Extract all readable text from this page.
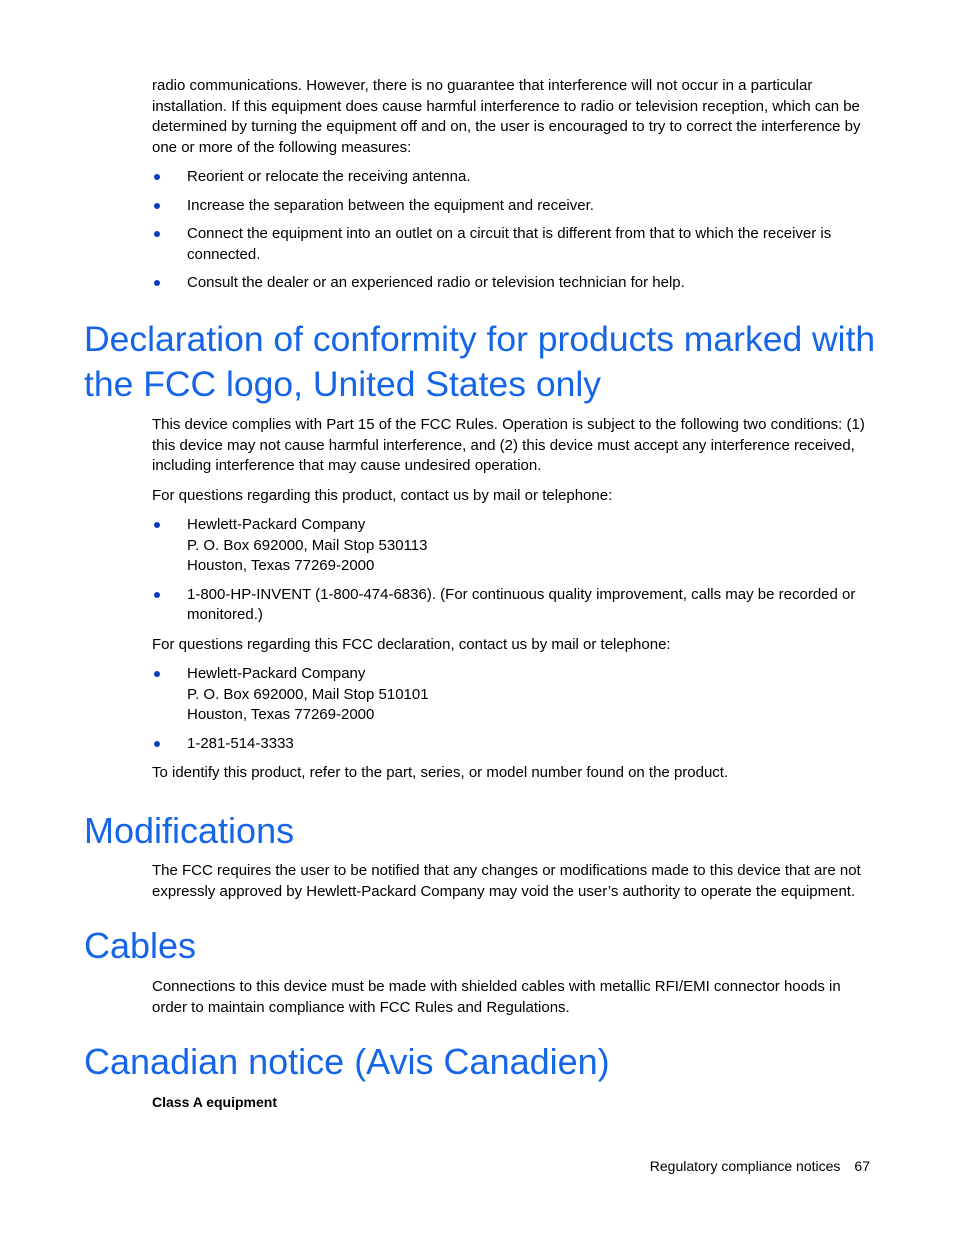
radio communications. However, there is no guarantee that interference will not occur in a particular installation. If this equipment does cause harmful interference to radio or television reception, which can be determined by turning the equipment off and on, the user is encouraged to try to correct the interference by one or more of the following measures:

Reorient or relocate the receiving antenna.
Increase the separation between the equipment and receiver.
Connect the equipment into an outlet on a circuit that is different from that to which the receiver is connected.
Consult the dealer or an experienced radio or television technician for help.
Declaration of conformity for products marked with the FCC logo, United States only

This device complies with Part 15 of the FCC Rules. Operation is subject to the following two conditions: (1) this device may not cause harmful interference, and (2) this device must accept any interference received, including interference that may cause undesired operation.

For questions regarding this product, contact us by mail or telephone:

Hewlett-Packard Company
P. O. Box 692000, Mail Stop 530113
Houston, Texas 77269-2000
1-800-HP-INVENT (1-800-474-6836). (For continuous quality improvement, calls may be recorded or monitored.)

For questions regarding this FCC declaration, contact us by mail or telephone:

Hewlett-Packard Company
P. O. Box 692000, Mail Stop 510101
Houston, Texas 77269-2000
1-281-514-3333

To identify this product, refer to the part, series, or model number found on the product.

Modifications

The FCC requires the user to be notified that any changes or modifications made to this device that are not expressly approved by Hewlett-Packard Company may void the user’s authority to operate the equipment.

Cables

Connections to this device must be made with shielded cables with metallic RFI/EMI connector hoods in order to maintain compliance with FCC Rules and Regulations.

Canadian notice (Avis Canadien)
Class A equipment
Regulatory compliance notices 67
